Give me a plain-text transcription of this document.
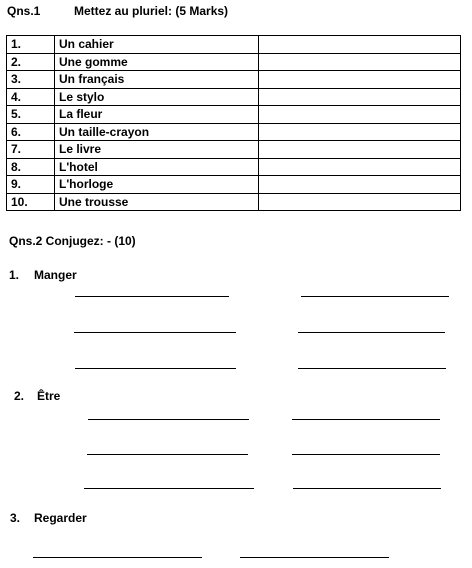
Qns.1	Mettez au pluriel: (5 Marks)
1.	Un cahier	
2.	Une gomme	
3.	Un français	
4.	Le stylo	
5.	La fleur	
6.	Un taille-crayon	
7.	Le livre	
8.	L'hotel	
9.	L'horloge	
10.	Une trousse	
Qns.2 Conjugez: - (10)
1. Manger
2. Être
3. Regarder
